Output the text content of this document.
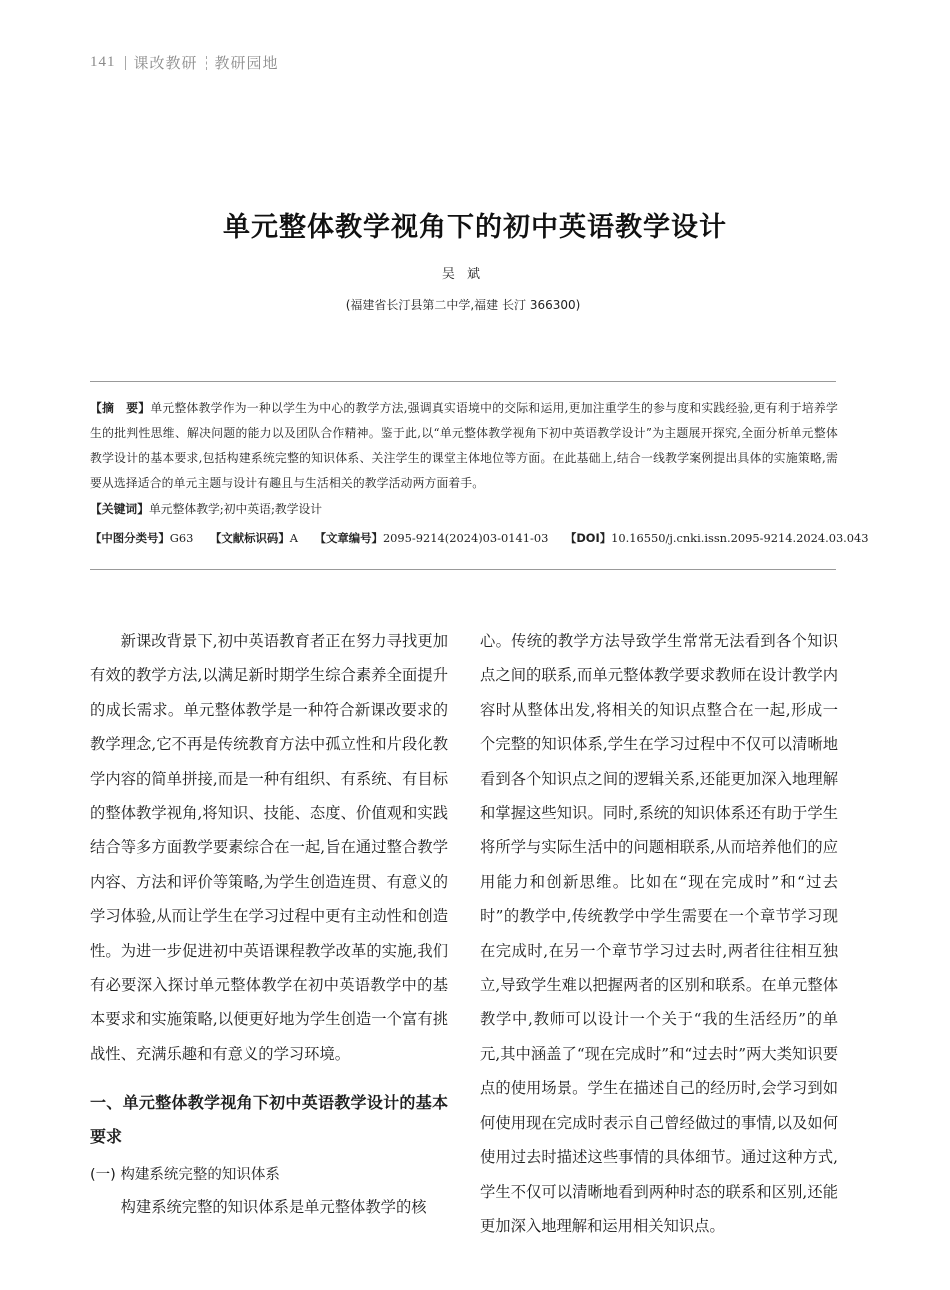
141 课改教研 教研园地
单元整体教学视角下的初中英语教学设计
吴 斌
(福建省长汀县第二中学,福建 长汀 366300)
【摘　要】单元整体教学作为一种以学生为中心的教学方法,强调真实语境中的交际和运用,更加注重学生的参与度和实践经验,更有利于培养学生的批判性思维、解决问题的能力以及团队合作精神。鉴于此,以“单元整体教学视角下初中英语教学设计”为主题展开探究,全面分析单元整体教学设计的基本要求,包括构建系统完整的知识体系、关注学生的课堂主体地位等方面。在此基础上,结合一线教学案例提出具体的实施策略,需要从选择适合的单元主题与设计有趣且与生活相关的教学活动两方面着手。
【关键词】单元整体教学;初中英语;教学设计
【中图分类号】G63 【文献标识码】A 【文章编号】2095-9214(2024)03-0141-03 【DOI】10.16550/j.cnki.issn.2095-9214.2024.03.043

新课改背景下,初中英语教育者正在努力寻找更加有效的教学方法,以满足新时期学生综合素养全面提升的成长需求。单元整体教学是一种符合新课改要求的教学理念,它不再是传统教育方法中孤立性和片段化教学内容的简单拼接,而是一种有组织、有系统、有目标的整体教学视角,将知识、技能、态度、价值观和实践结合等多方面教学要素综合在一起,旨在通过整合教学内容、方法和评价等策略,为学生创造连贯、有意义的学习体验,从而让学生在学习过程中更有主动性和创造性。为进一步促进初中英语课程教学改革的实施,我们有必要深入探讨单元整体教学在初中英语教学中的基本要求和实施策略,以便更好地为学生创造一个富有挑战性、充满乐趣和有意义的学习环境。

一、单元整体教学视角下初中英语教学设计的基本要求
(一) 构建系统完整的知识体系

构建系统完整的知识体系是单元整体教学的核

心。传统的教学方法导致学生常常无法看到各个知识点之间的联系,而单元整体教学要求教师在设计教学内容时从整体出发,将相关的知识点整合在一起,形成一个完整的知识体系,学生在学习过程中不仅可以清晰地看到各个知识点之间的逻辑关系,还能更加深入地理解和掌握这些知识。同时,系统的知识体系还有助于学生将所学与实际生活中的问题相联系,从而培养他们的应用能力和创新思维。比如在“现在完成时”和“过去时”的教学中,传统教学中学生需要在一个章节学习现在完成时,在另一个章节学习过去时,两者往往相互独立,导致学生难以把握两者的区别和联系。在单元整体教学中,教师可以设计一个关于“我的生活经历”的单元,其中涵盖了“现在完成时”和“过去时”两大类知识要点的使用场景。学生在描述自己的经历时,会学习到如何使用现在完成时表示自己曾经做过的事情,以及如何使用过去时描述这些事情的具体细节。通过这种方式,学生不仅可以清晰地看到两种时态的联系和区别,还能更加深入地理解和运用相关知识点。
